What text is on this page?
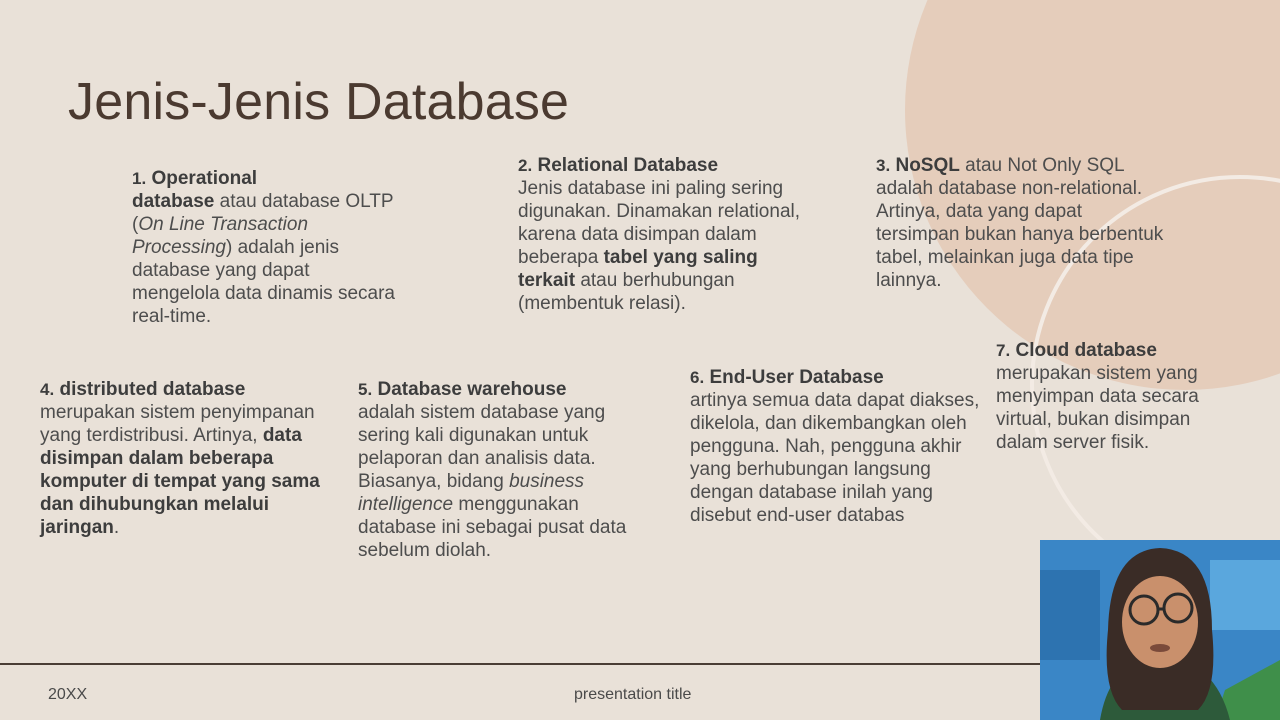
Jenis-Jenis Database
1. Operational
database atau database OLTP (On Line Transaction Processing) adalah jenis database yang dapat mengelola data dinamis secara real-time.
2. Relational Database
Jenis database ini paling sering digunakan. Dinamakan relational, karena data disimpan dalam beberapa tabel yang saling terkait atau berhubungan (membentuk relasi).
3. NoSQL atau Not Only SQL adalah database non-relational. Artinya, data yang dapat tersimpan bukan hanya berbentuk tabel, melainkan juga data tipe lainnya.
4. distributed database
merupakan sistem penyimpanan yang terdistribusi. Artinya, data disimpan dalam beberapa komputer di tempat yang sama dan dihubungkan melalui jaringan.
5. Database warehouse
adalah sistem database yang sering kali digunakan untuk pelaporan dan analisis data. Biasanya, bidang business intelligence menggunakan database ini sebagai pusat data sebelum diolah.
6. End-User Database
artinya semua data dapat diakses, dikelola, dan dikembangkan oleh pengguna. Nah, pengguna akhir yang berhubungan langsung dengan database inilah yang disebut end-user databas
7. Cloud database
merupakan sistem yang menyimpan data secara virtual, bukan disimpan dalam server fisik.
20XX	presentation title
